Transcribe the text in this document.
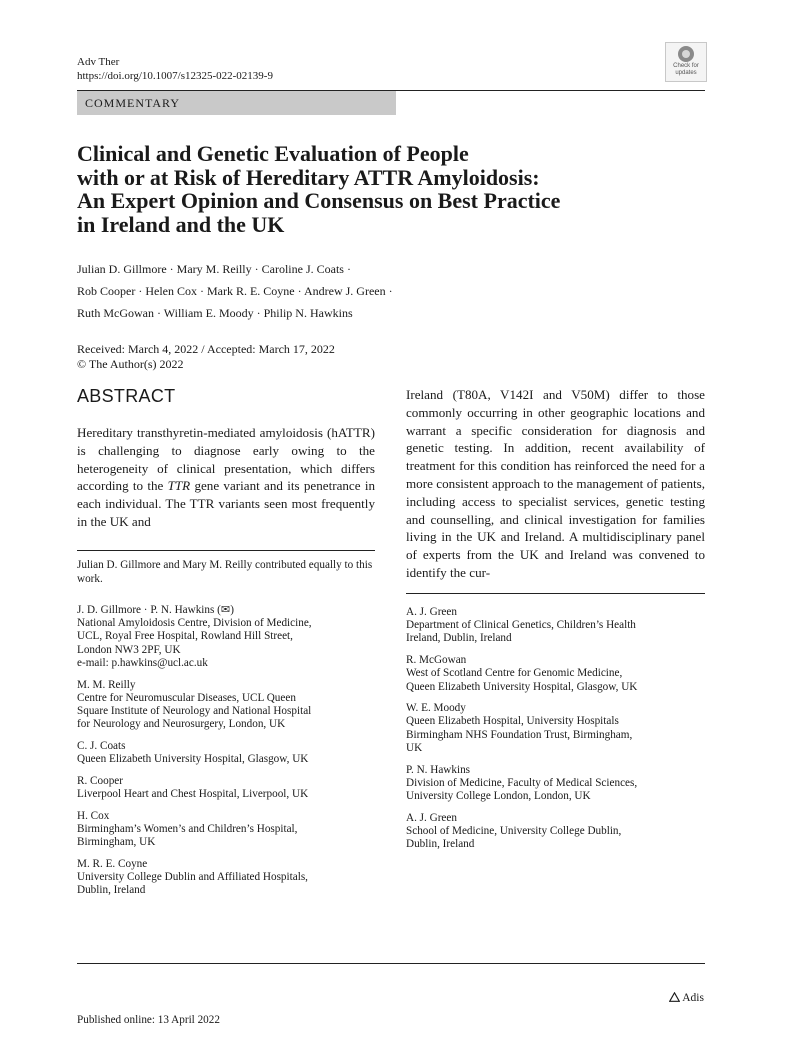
Adv Ther
https://doi.org/10.1007/s12325-022-02139-9
Check for
updates
COMMENTARY
Clinical and Genetic Evaluation of People
with or at Risk of Hereditary ATTR Amyloidosis:
An Expert Opinion and Consensus on Best Practice
in Ireland and the UK
Julian D. Gillmore · Mary M. Reilly · Caroline J. Coats ·
Rob Cooper · Helen Cox · Mark R. E. Coyne · Andrew J. Green ·
Ruth McGowan · William E. Moody · Philip N. Hawkins
Received: March 4, 2022 / Accepted: March 17, 2022
© The Author(s) 2022
ABSTRACT
Hereditary transthyretin-mediated amyloidosis (hATTR) is challenging to diagnose early owing to the heterogeneity of clinical presentation, which differs according to the TTR gene variant and its penetrance in each individual. The TTR variants seen most frequently in the UK and
Ireland (T80A, V142I and V50M) differ to those commonly occurring in other geographic locations and warrant a specific consideration for diagnosis and genetic testing. In addition, recent availability of treatment for this condition has reinforced the need for a more consistent approach to the management of patients, including access to specialist services, genetic testing and counselling, and clinical investigation for families living in the UK and Ireland. A multidisciplinary panel of experts from the UK and Ireland was convened to identify the cur-
Julian D. Gillmore and Mary M. Reilly contributed equally to this work.
J. D. Gillmore · P. N. Hawkins (✉)
National Amyloidosis Centre, Division of Medicine,
UCL, Royal Free Hospital, Rowland Hill Street,
London NW3 2PF, UK
e-mail: p.hawkins@ucl.ac.uk
M. M. Reilly
Centre for Neuromuscular Diseases, UCL Queen
Square Institute of Neurology and National Hospital
for Neurology and Neurosurgery, London, UK
C. J. Coats
Queen Elizabeth University Hospital, Glasgow, UK
R. Cooper
Liverpool Heart and Chest Hospital, Liverpool, UK
H. Cox
Birmingham’s Women’s and Children’s Hospital,
Birmingham, UK
M. R. E. Coyne
University College Dublin and Affiliated Hospitals,
Dublin, Ireland
A. J. Green
Department of Clinical Genetics, Children’s Health
Ireland, Dublin, Ireland
R. McGowan
West of Scotland Centre for Genomic Medicine,
Queen Elizabeth University Hospital, Glasgow, UK
W. E. Moody
Queen Elizabeth Hospital, University Hospitals
Birmingham NHS Foundation Trust, Birmingham,
UK
P. N. Hawkins
Division of Medicine, Faculty of Medical Sciences,
University College London, London, UK
A. J. Green
School of Medicine, University College Dublin,
Dublin, Ireland
Adis
Published online: 13 April 2022
